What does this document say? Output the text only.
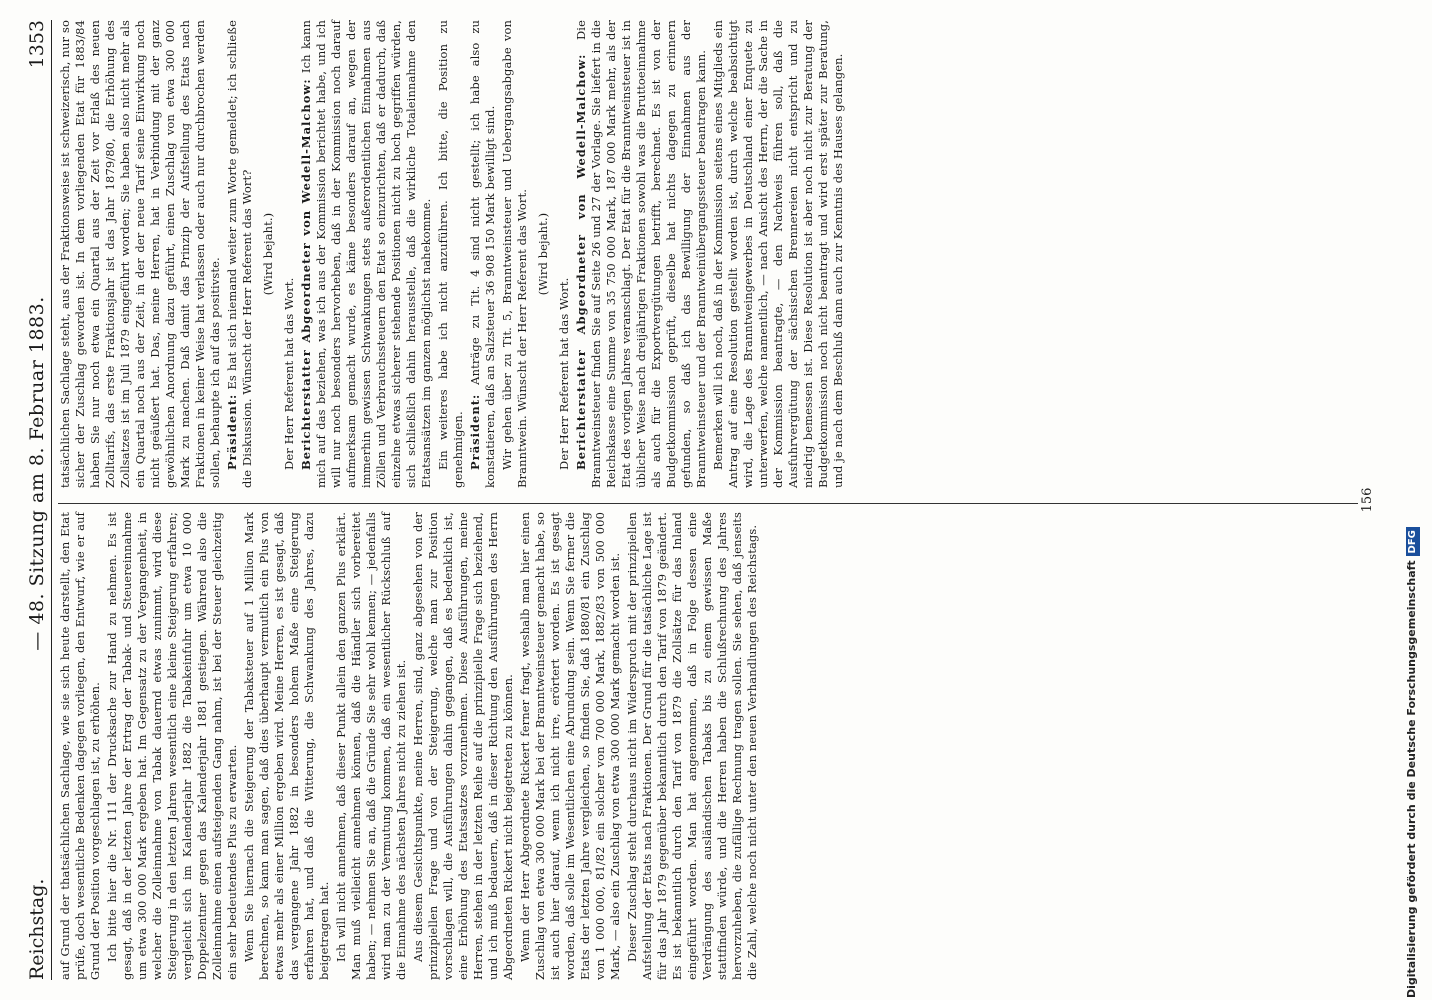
Reichstag.
— 48. Sitzung am 8. Februar 1883.
1353

auf Grund der thatsächlichen Sachlage, wie sie sich heute darstellt, den Etat prüfe, doch wesentliche Bedenken dagegen vorliegen, den Entwurf, wie er auf Grund der Position vorgeschlagen ist, zu erhöhen. Ich bitte hier die Nr. 111 der Drucksache zur Hand zu nehmen. Es ist gesagt, daß in der letzten Jahre der Ertrag der Tabak- und Steuereinnahme um etwa 300 000 Mark ergeben hat. Im Gegensatz zu der Vergangenheit, in welcher die Zolleinnahme von Tabak dauernd etwas zunimmt, wird diese Steigerung in den letzten Jahren wesentlich eine kleine Steigerung erfahren; vergleicht sich im Kalenderjahr 1882 die Tabakeinfuhr um etwa 10 000 Doppelzentner gegen das Kalenderjahr 1881 gestiegen. Während also die Zolleinnahme einen aufsteigenden Gang nahm, ist bei der Steuer gleichzeitig ein sehr bedeutendes Plus zu erwarten. Wenn Sie hiernach die Steigerung der Tabaksteuer auf 1 Million Mark berechnen, so kann man sagen, daß dies überhaupt vermutlich ein Plus von etwas mehr als einer Million ergeben wird. Meine Herren, es ist gesagt, daß das vergangene Jahr 1882 in besonders hohem Maße eine Steigerung erfahren hat, und daß die Witterung, die Schwankung des Jahres, dazu beigetragen hat. Ich will nicht annehmen, daß dieser Punkt allein den ganzen Plus erklärt. Man muß vielleicht annehmen können, daß die Händler sich vorbereitet haben; — nehmen Sie an, daß die Gründe Sie sehr wohl kennen; — jedenfalls wird man zu der Vermutung kommen, daß ein wesentlicher Rückschluß auf die Einnahme des nächsten Jahres nicht zu ziehen ist. Aus diesem Gesichtspunkte, meine Herren, sind, ganz abgesehen von der prinzipiellen Frage und von der Steigerung, welche man zur Position vorschlagen will, die Ausführungen dahin gegangen, daß es bedenklich ist, eine Erhöhung des Etatssatzes vorzunehmen. Diese Ausführungen, meine Herren, stehen in der letzten Reihe auf die prinzipielle Frage sich beziehend, und ich muß bedauern, daß in dieser Richtung den Ausführungen des Herrn Abgeordneten Rickert nicht beigetreten zu können. Wenn der Herr Abgeordnete Rickert ferner fragt, weshalb man hier einen Zuschlag von etwa 300 000 Mark bei der Branntweinsteuer gemacht habe, so ist auch hier darauf, wenn ich nicht irre, erörtert worden. Es ist gesagt worden, daß solle im Wesentlichen eine Abrundung sein. Wenn Sie ferner die Etats der letzten Jahre vergleichen, so finden Sie, daß 1880/81 ein Zuschlag von 1 000 000, 81/82 ein solcher von 700 000 Mark, 1882/83 von 500 000 Mark, — also ein Zuschlag von etwa 300 000 Mark gemacht worden ist. Dieser Zuschlag steht durchaus nicht im Widerspruch mit der prinzipiellen Aufstellung der Etats nach Fraktionen. Der Grund für die tatsächliche Lage ist für das Jahr 1879 gegenüber bekanntlich durch den Tarif von 1879 geändert. Es ist bekanntlich durch den Tarif von 1879 die Zollsätze für das Inland eingeführt worden. Man hat angenommen, daß in Folge dessen eine Verdrängung des ausländischen Tabaks bis zu einem gewissen Maße stattfinden würde, und die Herren haben die Schlußrechnung des Jahres hervorzuheben, die zufällige Rechnung tragen sollen. Sie sehen, daß jenseits die Zahl, welche noch nicht unter den neuen Verhandlungen des Reichstags.

tatsächlichen Sachlage steht, aus der Fraktionsweise ist schweizerisch, nur so sicher der Zuschlag geworden ist. In dem vorliegenden Etat für 1883/84 haben Sie nur noch etwa ein Quartal aus der Zeit vor Erlaß des neuen Zolltarifs, das erste Fraktionsjahr ist das Jahr 1879/80, die Erhöhung des Zollsatzes ist im Juli 1879 eingeführt worden; Sie haben also nicht mehr als ein Quartal noch aus der Zeit, in der der neue Tarif seine Einwirkung noch nicht geäußert hat. Das, meine Herren, hat in Verbindung mit der ganz gewöhnlichen Anordnung dazu geführt, einen Zuschlag von etwa 300 000 Mark zu machen. Daß damit das Prinzip der Aufstellung des Etats nach Fraktionen in keiner Weise hat verlassen oder auch nur durchbrochen werden sollen, behaupte ich auf das positivste. Präsident: Es hat sich niemand weiter zum Worte gemeldet; ich schließe die Diskussion. Wünscht der Herr Referent das Wort? (Wird bejaht.)

Der Herr Referent hat das Wort. Berichterstatter Abgeordneter von Wedell-Malchow: Ich kann mich auf das beziehen, was ich aus der Kommission berichtet habe, und ich will nur noch besonders hervorheben, daß in der Kommission noch darauf aufmerksam gemacht wurde, es käme besonders darauf an, wegen der immerhin gewissen Schwankungen stets außerordentlichen Einnahmen aus Zöllen und Verbrauchssteuern den Etat so einzurichten, daß er dadurch, daß einzelne etwas sicherer stehende Positionen nicht zu hoch gegriffen würden, sich schließlich dahin herausstelle, daß die wirkliche Totaleinnahme den Etatsansätzen im ganzen möglichst nahekomme. Ein weiteres habe ich nicht anzuführen. Ich bitte, die Position zu genehmigen. Präsident: Anträge zu Tit. 4 sind nicht gestellt; ich habe also zu konstatieren, daß an Salzsteuer 36 908 150 Mark bewilligt sind. Wir gehen über zu Tit. 5, Branntweinsteuer und Uebergangsabgabe von Branntwein. Wünscht der Herr Referent das Wort. (Wird bejaht.)

Der Herr Referent hat das Wort. Berichterstatter Abgeordneter von Wedell-Malchow: Die Branntweinsteuer finden Sie auf Seite 26 und 27 der Vorlage. Sie liefert in die Reichskasse eine Summe von 35 750 000 Mark, 187 000 Mark mehr, als der Etat des vorigen Jahres veranschlagt. Der Etat für die Branntweinsteuer ist in üblicher Weise nach dreijährigen Fraktionen sowohl was die Bruttoeinnahme als auch für die Exportvergütungen betrifft, berechnet. Es ist von der Budgetkommission geprüft, dieselbe hat nichts dagegen zu erinnern gefunden, so daß ich das Bewilligung der Einnahmen aus der Branntweinsteuer und der Branntweinübergangssteuer beantragen kann. Bemerken will ich noch, daß in der Kommission seitens eines Mitglieds ein Antrag auf eine Resolution gestellt worden ist, durch welche beabsichtigt wird, die Lage des Branntweingewerbes in Deutschland einer Enquete zu unterwerfen, welche namentlich, — nach Ansicht des Herrn, der die Sache in der Kommission beantragte, — den Nachweis führen soll, daß die Ausfuhrvergütung der sächsischen Brennereien nicht entspricht und zu niedrig bemessen ist. Diese Resolution ist aber noch nicht zur Beratung der Budgetkommission noch nicht beantragt und wird erst später zur Beratung, und je nach dem Beschluß dann auch zur Kenntnis des Hauses gelangen.

156
Digitalisierung gefördert durch die Deutsche Forschungsgemeinschaft DFG
